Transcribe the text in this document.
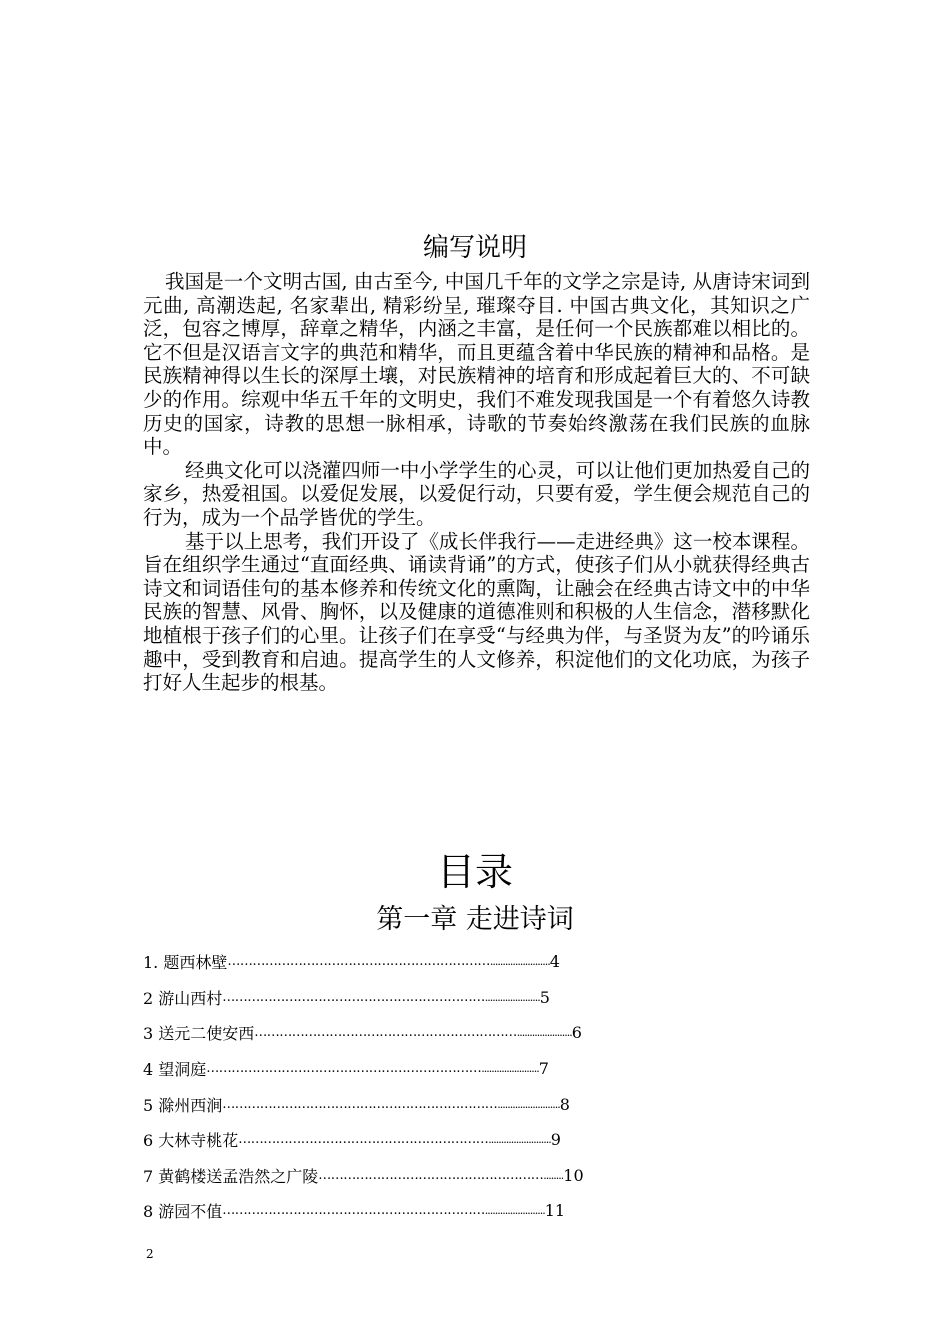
编写说明

我国是一个文明古国, 由古至今, 中国几千年的文学之宗是诗, 从唐诗宋词到元曲, 高潮迭起, 名家辈出, 精彩纷呈, 璀璨夺目. 中国古典文化，其知识之广泛，包容之博厚，辞章之精华，内涵之丰富，是任何一个民族都难以相比的。它不但是汉语言文字的典范和精华，而且更蕴含着中华民族的精神和品格。是民族精神得以生长的深厚土壤，对民族精神的培育和形成起着巨大的、不可缺少的作用。综观中华五千年的文明史，我们不难发现我国是一个有着悠久诗教历史的国家，诗教的思想一脉相承，诗歌的节奏始终激荡在我们民族的血脉中。

经典文化可以浇灌四师一中小学学生的心灵，可以让他们更加热爱自己的家乡，热爱祖国。以爱促发展，以爱促行动，只要有爱，学生便会规范自己的行为，成为一个品学皆优的学生。

基于以上思考，我们开设了《成长伴我行——走进经典》这一校本课程。旨在组织学生通过“直面经典、诵读背诵”的方式，使孩子们从小就获得经典古诗文和词语佳句的基本修养和传统文化的熏陶，让融会在经典古诗文中的中华民族的智慧、风骨、胸怀，以及健康的道德准则和积极的人生信念，潜移默化地植根于孩子们的心里。让孩子们在享受“与经典为伴，与圣贤为友”的吟诵乐趣中，受到教育和启迪。提高学生的人文修养，积淀他们的文化功底，为孩子打好人生起步的根基。

目录
第一章 走进诗词
1. 题西林壁 ……………………………………………………… ........................ 4
2 游山西村 ……………………………………………………… ...................... 5
3 送元二使安西 ……………………………………………………… ...................... 6
4 望洞庭 ………………………………………………………… ....................... 7
5 滁州西涧 ………………………………………………………… ......................... 8
6 大林寺桃花 …………………………………………………… ......................... 9
7 黄鹤楼送孟浩然之广陵 ……………………………………………… ........ 10
8 游园不值 ……………………………………………………… ........................ 11
2
